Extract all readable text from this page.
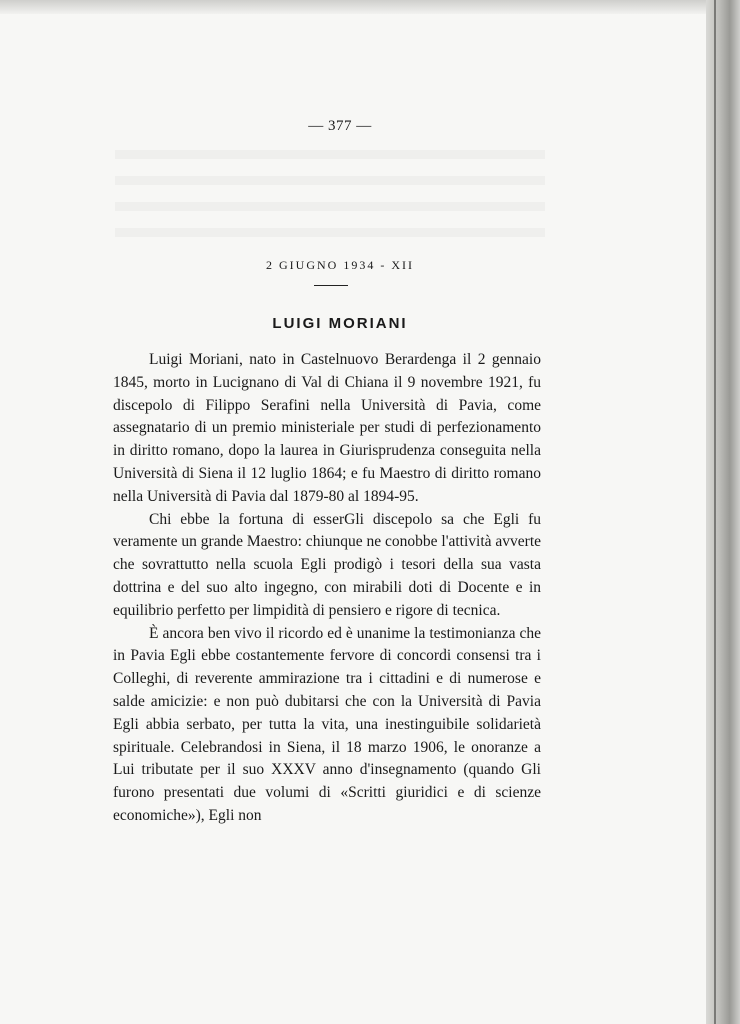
— 377 —
2 GIUGNO 1934 - XII
LUIGI MORIANI

Luigi Moriani, nato in Castelnuovo Berardenga il 2 gennaio 1845, morto in Lucignano di Val di Chiana il 9 novembre 1921, fu discepolo di Filippo Serafini nella Università di Pavia, come assegnatario di un premio ministeriale per studi di perfezionamento in diritto romano, dopo la laurea in Giurisprudenza conseguita nella Università di Siena il 12 luglio 1864; e fu Maestro di diritto romano nella Università di Pavia dal 1879-80 al 1894-95.

Chi ebbe la fortuna di esserGli discepolo sa che Egli fu veramente un grande Maestro: chiunque ne conobbe l'attività avverte che sovrattutto nella scuola Egli prodigò i tesori della sua vasta dottrina e del suo alto ingegno, con mirabili doti di Docente e in equilibrio perfetto per limpidità di pensiero e rigore di tecnica.

È ancora ben vivo il ricordo ed è unanime la testimonianza che in Pavia Egli ebbe costantemente fervore di concordi consensi tra i Colleghi, di reverente ammirazione tra i cittadini e di numerose e salde amicizie: e non può dubitarsi che con la Università di Pavia Egli abbia serbato, per tutta la vita, una inestinguibile solidarietà spirituale. Celebrandosi in Siena, il 18 marzo 1906, le onoranze a Lui tributate per il suo XXXV anno d'insegnamento (quando Gli furono presentati due volumi di «Scritti giuridici e di scienze economiche»), Egli non
